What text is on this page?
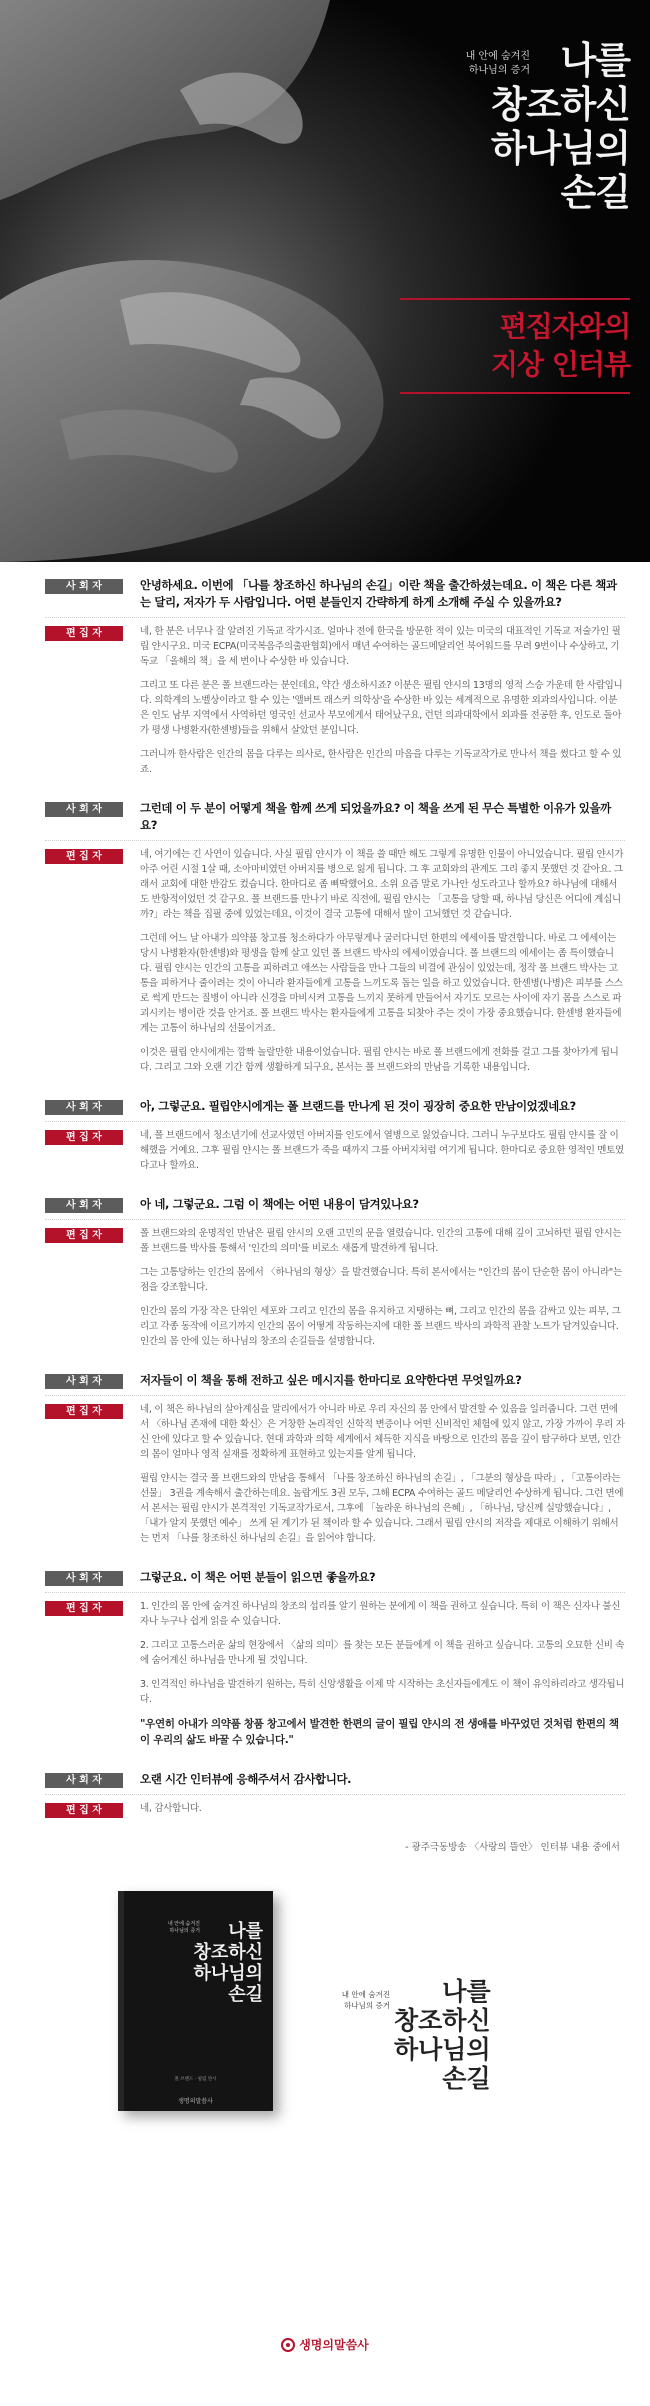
내 안에 숨겨진
하나님의 증거 나를
창조하신
하나님의
손길
편집자와의
지상 인터뷰
사 회 자	안녕하세요. 이번에 「나를 창조하신 하나님의 손길」이란 책을 출간하셨는데요. 이 책은 다른 책과는 달리, 저자가 두 사람입니다. 어떤 분들인지 간략하게 하게 소개해 주실 수 있을까요?
편 집 자	네, 한 분은 너무나 잘 알려진 기독교 작가시죠. 얼마나 전에 한국을 방문한 적이 있는 미국의 대표적인 기독교 저술가인 필립 얀시구요. 미국 ECPA(미국복음주의출판협회)에서 매년 수여하는 골드메달리언 북어워드를 무려 9번이나 수상하고, 기독교 「올해의 책」을 세 번이나 수상한 바 있습니다.

그리고 또 다른 분은 폴 브랜드라는 분인데요, 약간 생소하시죠? 이분은 필립 얀시의 13명의 영적 스승 가운데 한 사람입니다. 의학계의 노벨상이라고 할 수 있는 '앨버트 래스커 의학상'을 수상한 바 있는 세계적으로 유명한 외과의사입니다. 이분은 인도 남부 지역에서 사역하던 영국인 선교사 부모에게서 태어났구요, 런던 의과대학에서 외과를 전공한 후, 인도로 돌아가 평생 나병환자(한센병)들을 위해서 살았던 분입니다.

그러니까 한사람은 인간의 몸을 다루는 의사로, 한사람은 인간의 마음을 다루는 기독교작가로 만나서 책을 썼다고 할 수 있죠.

사 회 자	그런데 이 두 분이 어떻게 책을 함께 쓰게 되었을까요? 이 책을 쓰게 된 무슨 특별한 이유가 있을까요?
편 집 자	네, 여기에는 긴 사연이 있습니다. 사실 필립 얀시가 이 책을 쓸 때만 해도 그렇게 유명한 인물이 아니었습니다. 필립 얀시가 아주 어린 시절 1살 때, 소아마비였던 아버지를 병으로 잃게 됩니다. 그 후 교회와의 관계도 그리 좋지 못했던 것 같아요. 그래서 교회에 대한 반감도 컸습니다. 한마디로 좀 삐딱했어요. 소위 요즘 말로 가나안 성도라고나 할까요? 하나님에 대해서도 반항적이었던 것 같구요. 폴 브랜드를 만나기 바로 직전에, 필립 얀시는 「고통을 당할 때, 하나님 당신은 어디에 계십니까?」라는 책을 집필 중에 있었는데요, 이것이 결국 고통에 대해서 많이 고뇌했던 것 같습니다.

그런데 어느 날 아내가 의약품 창고를 청소하다가 아무렇게나 굴러다니던 한편의 에세이를 발견합니다. 바로 그 에세이는 당시 나병환자(한센병)와 평생을 함께 살고 있던 폴 브랜드 박사의 에세이였습니다. 폴 브랜드의 에세이는 좀 특이했습니다. 필립 얀시는 인간의 고통을 피하려고 애쓰는 사람들을 만나 그들의 비결에 관심이 있었는데, 정작 폴 브랜드 박사는 고통을 피하거나 줄이려는 것이 아니라 환자들에게 고통을 느끼도록 돕는 일을 하고 있었습니다. 한센병(나병)은 피부를 스스로 썩게 만드는 질병이 아니라 신경을 마비시켜 고통을 느끼지 못하게 만들어서 자기도 모르는 사이에 자기 몸을 스스로 파괴시키는 병이란 것을 안거죠. 폴 브랜드 박사는 환자들에게 고통을 되찾아 주는 것이 가장 중요했습니다. 한센병 환자들에게는 고통이 하나님의 선물이거죠.

이것은 필립 얀시에게는 깜짝 놀랄만한 내용이었습니다. 필립 얀시는 바로 폴 브랜드에게 전화를 걸고 그를 찾아가게 됩니다. 그리고 그와 오랜 기간 함께 생활하게 되구요, 본서는 폴 브랜드와의 만남을 기록한 내용입니다.

사 회 자	아, 그렇군요. 필립얀시에게는 폴 브랜드를 만나게 된 것이 굉장히 중요한 만남이었겠네요?
편 집 자	네, 폴 브랜드에서 청소년기에 선교사였던 아버지를 인도에서 열병으로 잃었습니다. 그러니 누구보다도 필립 얀시를 잘 이해했을 거예요. 그후 필립 얀시는 폴 브랜드가 죽을 때까지 그를 아버지처럼 여기게 됩니다. 한마디로 중요한 영적인 멘토였다고나 할까요.

사 회 자	아 네, 그렇군요. 그럼 이 책에는 어떤 내용이 담겨있나요?
편 집 자	폴 브랜드와의 운명적인 만남은 필립 얀시의 오랜 고민의 문을 열렸습니다. 인간의 고통에 대해 깊이 고뇌하던 필립 얀시는 폴 브랜드를 박사를 통해서 '인간의 의미'를 비로소 새롭게 발견하게 됩니다.

그는 고통당하는 인간의 몸에서 〈하나님의 형상〉을 발견했습니다. 특히 본서에서는 "인간의 몸이 단순한 몸이 아니라"는 점을 강조합니다.

인간의 몸의 가장 작은 단위인 세포와 그리고 인간의 몸을 유지하고 지탱하는 뼈, 그리고 인간의 몸을 감싸고 있는 피부, 그리고 각종 동작에 이르기까지 인간의 몸이 어떻게 작동하는지에 대한 폴 브랜드 박사의 과학적 관찰 노트가 담겨있습니다. 인간의 몸 안에 있는 하나님의 창조의 손길들을 설명합니다.

사 회 자	저자들이 이 책을 통해 전하고 싶은 메시지를 한마디로 요약한다면 무엇일까요?
편 집 자	네, 이 책은 하나님의 살아계심을 말리에서가 아니라 바로 우리 자신의 몸 안에서 발견할 수 있음을 일러줍니다. 그런 면에서 〈하나님 존재에 대한 확신〉은 거창한 논리적인 신학적 변증이나 어떤 신비적인 체험에 있지 않고, 가장 가까이 우리 자신 안에 있다고 할 수 있습니다. 현대 과학과 의학 세계에서 체득한 지식을 바탕으로 인간의 몸을 깊이 탐구하다 보면, 인간의 몸이 얼마나 영적 실재를 정확하게 표현하고 있는지를 알게 됩니다.

필립 얀시는 결국 폴 브랜드와의 만남을 통해서 「나를 창조하신 하나님의 손길」, 「그분의 형상을 따라」, 「고통이라는 선물」 3권을 계속해서 출간하는데요. 놀랍게도 3권 모두, 그해 ECPA 수여하는 골드 메달리언 수상하게 됩니다. 그런 면에서 본서는 필립 얀시가 본격적인 기독교작가로서, 그후에 「놀라운 하나님의 은혜」, 「하나님, 당신께 실망했습니다」, 「내가 알지 못했던 예수」 쓰게 된 계기가 된 책이라 할 수 있습니다. 그래서 필립 얀시의 저작을 제대로 이해하기 위해서는 먼저 「나를 창조하신 하나님의 손길」을 읽어야 합니다.

사 회 자	그렇군요. 이 책은 어떤 분들이 읽으면 좋을까요?
편 집 자	1. 인간의 몸 안에 숨겨진 하나님의 창조의 섭리를 알기 원하는 분에게 이 책을 권하고 싶습니다. 특히 이 책은 신자나 불신자나 누구나 쉽게 읽을 수 있습니다.

2. 그리고 고통스러운 삶의 현장에서 〈삶의 의미〉를 찾는 모든 분들에게 이 책을 권하고 싶습니다. 고통의 오묘한 신비 속에 숨어계신 하나님을 만나게 될 것입니다.

3. 인격적인 하나님을 발견하기 원하는, 특히 신앙생활을 이제 막 시작하는 초신자들에게도 이 책이 유익하리라고 생각됩니다.

"우연히 아내가 의약품 창품 창고에서 발견한 한편의 글이 필립 얀시의 전 생애를 바꾸었던 것처럼 한편의 책이 우리의 삶도 바꿀 수 있습니다."

사 회 자	오랜 시간 인터뷰에 응해주셔서 감사합니다.
편 집 자	네, 감사합니다.

- 광주극동방송 〈사랑의 뜰안〉 인터뷰 내용 중에서
내 안에 숨겨진
하나님의 증거	나를
창조하신
하나님의
손길
폴 브랜드 · 필립 얀시
생명의말씀사
내 안에 숨겨진
하나님의 증거	나를
창조하신
하나님의
손길
생명의말씀사
